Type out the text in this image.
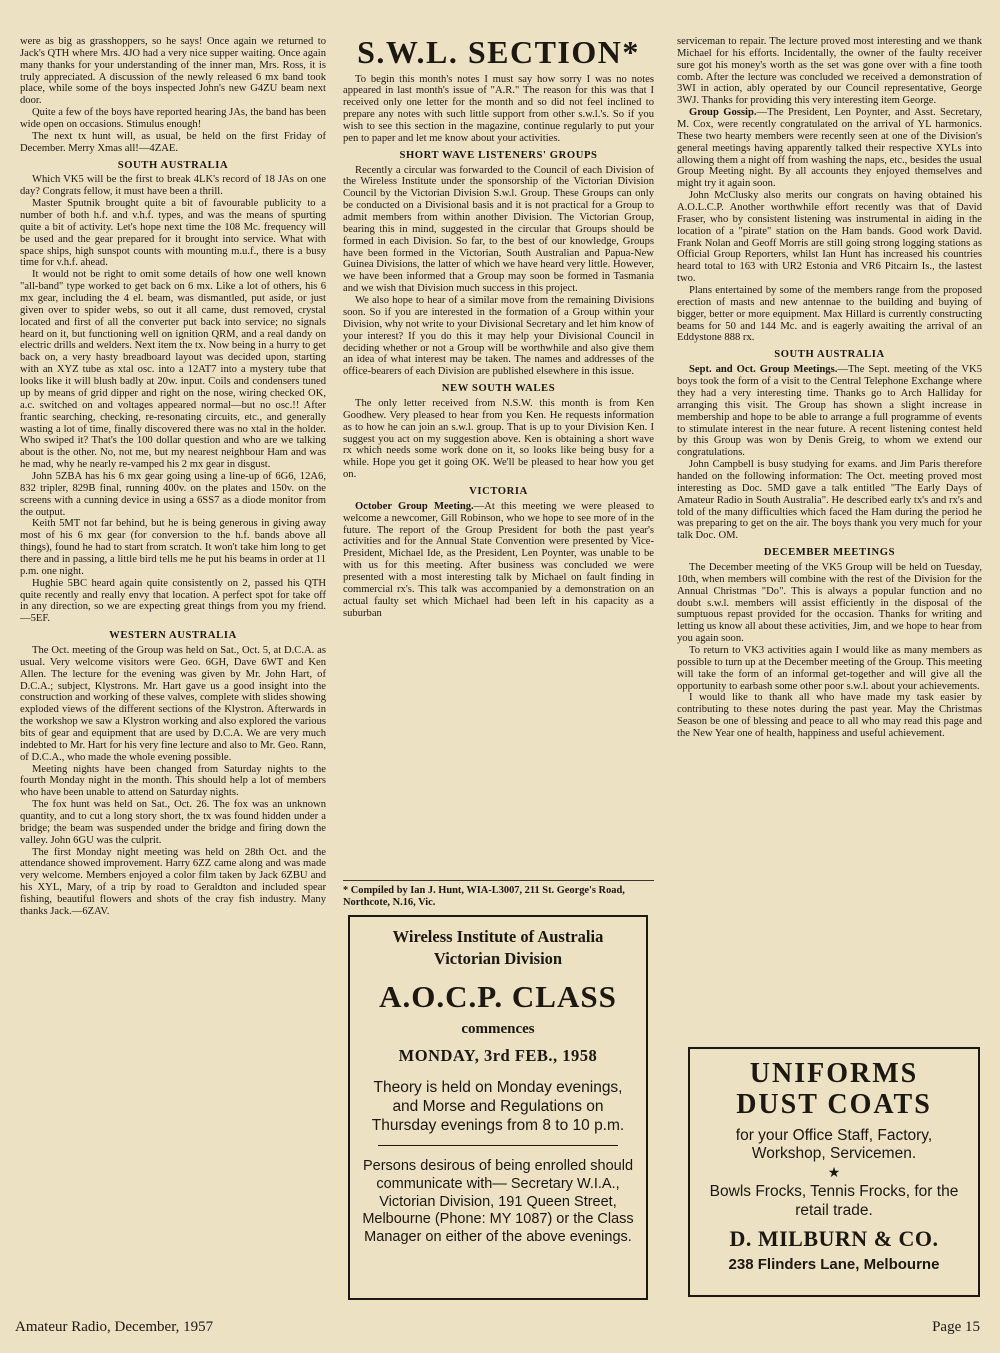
were as big as grasshoppers, so he says! Once again we returned to Jack's QTH where Mrs. 4JO had a very nice supper waiting. Once again many thanks for your understanding of the inner man, Mrs. Ross, it is truly appreciated. A discussion of the newly released 6 mx band took place, while some of the boys inspected John's new G4ZU beam next door.

Quite a few of the boys have reported hearing JAs, the band has been wide open on occasions. Stimulus enough!

The next tx hunt will, as usual, be held on the first Friday of December. Merry Xmas all!—4ZAE.

SOUTH AUSTRALIA

Which VK5 will be the first to break 4LK's record of 18 JAs on one day? Congrats fellow, it must have been a thrill.

Master Sputnik brought quite a bit of favourable publicity to a number of both h.f. and v.h.f. types, and was the means of spurting quite a bit of activity. Let's hope next time the 108 Mc. frequency will be used and the gear prepared for it brought into service. What with space ships, high sunspot counts with mounting m.u.f., there is a busy time for v.h.f. ahead.

It would not be right to omit some details of how one well known "all-band" type worked to get back on 6 mx. Like a lot of others, his 6 mx gear, including the 4 el. beam, was dismantled, put aside, or just given over to spider webs, so out it all came, dust removed, crystal located and first of all the converter put back into service; no signals heard on it, but functioning well on ignition QRM, and a real dandy on electric drills and welders. Next item the tx. Now being in a hurry to get back on, a very hasty breadboard layout was decided upon, starting with an XYZ tube as xtal osc. into a 12AT7 into a mystery tube that looks like it will blush badly at 20w. input. Coils and condensers tuned up by means of grid dipper and right on the nose, wiring checked OK, a.c. switched on and voltages appeared normal—but no osc.!! After frantic searching, checking, re-resonating circuits, etc., and generally wasting a lot of time, finally discovered there was no xtal in the holder. Who swiped it? That's the 100 dollar question and who are we talking about is the other. No, not me, but my nearest neighbour Ham and was he mad, why he nearly re-vamped his 2 mx gear in disgust.

John 5ZBA has his 6 mx gear going using a line-up of 6G6, 12A6, 832 tripler, 829B final, running 400v. on the plates and 150v. on the screens with a cunning device in using a 6SS7 as a diode monitor from the output.

Keith 5MT not far behind, but he is being generous in giving away most of his 6 mx gear (for conversion to the h.f. bands above all things), found he had to start from scratch. It won't take him long to get there and in passing, a little bird tells me he put his beams in order at 11 p.m. one night.

Hughie 5BC heard again quite consistently on 2, passed his QTH quite recently and really envy that location. A perfect spot for take off in any direction, so we are expecting great things from you my friend.—5EF.

WESTERN AUSTRALIA

The Oct. meeting of the Group was held on Sat., Oct. 5, at D.C.A. as usual. Very welcome visitors were Geo. 6GH, Dave 6WT and Ken Allen. The lecture for the evening was given by Mr. John Hart, of D.C.A.; subject, Klystrons. Mr. Hart gave us a good insight into the construction and working of these valves, complete with slides showing exploded views of the different sections of the Klystron. Afterwards in the workshop we saw a Klystron working and also explored the various bits of gear and equipment that are used by D.C.A. We are very much indebted to Mr. Hart for his very fine lecture and also to Mr. Geo. Rann, of D.C.A., who made the whole evening possible.

Meeting nights have been changed from Saturday nights to the fourth Monday night in the month. This should help a lot of members who have been unable to attend on Saturday nights.

The fox hunt was held on Sat., Oct. 26. The fox was an unknown quantity, and to cut a long story short, the tx was found hidden under a bridge; the beam was suspended under the bridge and firing down the valley. John 6GU was the culprit.

The first Monday night meeting was held on 28th Oct. and the attendance showed improvement. Harry 6ZZ came along and was made very welcome. Members enjoyed a color film taken by Jack 6ZBU and his XYL, Mary, of a trip by road to Geraldton and included spear fishing, beautiful flowers and shots of the cray fish industry. Many thanks Jack.—6ZAV.

S.W.L. SECTION*

To begin this month's notes I must say how sorry I was no notes appeared in last month's issue of "A.R." The reason for this was that I received only one letter for the month and so did not feel inclined to prepare any notes with such little support from other s.w.l.'s. So if you wish to see this section in the magazine, continue regularly to put your pen to paper and let me know about your activities.

SHORT WAVE LISTENERS' GROUPS

Recently a circular was forwarded to the Council of each Division of the Wireless Institute under the sponsorship of the Victorian Division Council by the Victorian Division S.w.l. Group. These Groups can only be conducted on a Divisional basis and it is not practical for a Group to admit members from within another Division. The Victorian Group, bearing this in mind, suggested in the circular that Groups should be formed in each Division. So far, to the best of our knowledge, Groups have been formed in the Victorian, South Australian and Papua-New Guinea Divisions, the latter of which we have heard very little. However, we have been informed that a Group may soon be formed in Tasmania and we wish that Division much success in this project.

We also hope to hear of a similar move from the remaining Divisions soon. So if you are interested in the formation of a Group within your Division, why not write to your Divisional Secretary and let him know of your interest? If you do this it may help your Divisional Council in deciding whether or not a Group will be worthwhile and also give them an idea of what interest may be taken. The names and addresses of the office-bearers of each Division are published elsewhere in this issue.

NEW SOUTH WALES

The only letter received from N.S.W. this month is from Ken Goodhew. Very pleased to hear from you Ken. He requests information as to how he can join an s.w.l. group. That is up to your Division Ken. I suggest you act on my suggestion above. Ken is obtaining a short wave rx which needs some work done on it, so looks like being busy for a while. Hope you get it going OK. We'll be pleased to hear how you get on.

VICTORIA

October Group Meeting.—At this meeting we were pleased to welcome a newcomer, Gill Robinson, who we hope to see more of in the future. The report of the Group President for both the past year's activities and for the Annual State Convention were presented by Vice-President, Michael Ide, as the President, Len Poynter, was unable to be with us for this meeting. After business was concluded we were presented with a most interesting talk by Michael on fault finding in commercial rx's. This talk was accompanied by a demonstration on an actual faulty set which Michael had been left in his capacity as a suburban

* Compiled by Ian J. Hunt, WIA-L3007, 211 St. George's Road, Northcote, N.16, Vic.
Wireless Institute of Australia
Victorian Division
A.O.C.P. CLASS
commences
MONDAY, 3rd FEB., 1958
Theory is held on Monday evenings, and Morse and Regulations on Thursday evenings from 8 to 10 p.m.
Persons desirous of being enrolled should communicate with— Secretary W.I.A., Victorian Division, 191 Queen Street, Melbourne (Phone: MY 1087) or the Class Manager on either of the above evenings.

serviceman to repair. The lecture proved most interesting and we thank Michael for his efforts. Incidentally, the owner of the faulty receiver sure got his money's worth as the set was gone over with a fine tooth comb. After the lecture was concluded we received a demonstration of 3WI in action, ably operated by our Council representative, George 3WJ. Thanks for providing this very interesting item George.

Group Gossip.—The President, Len Poynter, and Asst. Secretary, M. Cox, were recently congratulated on the arrival of YL harmonics. These two hearty members were recently seen at one of the Division's general meetings having apparently talked their respective XYLs into allowing them a night off from washing the naps, etc., besides the usual Group Meeting night. By all accounts they enjoyed themselves and might try it again soon.

John McClusky also merits our congrats on having obtained his A.O.L.C.P. Another worthwhile effort recently was that of David Fraser, who by consistent listening was instrumental in aiding in the location of a "pirate" station on the Ham bands. Good work David. Frank Nolan and Geoff Morris are still going strong logging stations as Official Group Reporters, whilst Ian Hunt has increased his countries heard total to 163 with UR2 Estonia and VR6 Pitcairn Is., the lastest two.

Plans entertained by some of the members range from the proposed erection of masts and new antennae to the building and buying of bigger, better or more equipment. Max Hillard is currently constructing beams for 50 and 144 Mc. and is eagerly awaiting the arrival of an Eddystone 888 rx.

SOUTH AUSTRALIA

Sept. and Oct. Group Meetings.—The Sept. meeting of the VK5 boys took the form of a visit to the Central Telephone Exchange where they had a very interesting time. Thanks go to Arch Halliday for arranging this visit. The Group has shown a slight increase in membership and hope to be able to arrange a full programme of events to stimulate interest in the near future. A recent listening contest held by this Group was won by Denis Greig, to whom we extend our congratulations.

John Campbell is busy studying for exams. and Jim Paris therefore handed on the following information: The Oct. meeting proved most interesting as Doc. 5MD gave a talk entitled "The Early Days of Amateur Radio in South Australia". He described early tx's and rx's and told of the many difficulties which faced the Ham during the period he was preparing to get on the air. The boys thank you very much for your talk Doc. OM.

DECEMBER MEETINGS

The December meeting of the VK5 Group will be held on Tuesday, 10th, when members will combine with the rest of the Division for the Annual Christmas "Do". This is always a popular function and no doubt s.w.l. members will assist efficiently in the disposal of the sumptuous repast provided for the occasion. Thanks for writing and letting us know all about these activities, Jim, and we hope to hear from you again soon.

To return to VK3 activities again I would like as many members as possible to turn up at the December meeting of the Group. This meeting will take the form of an informal get-together and will give all the opportunity to earbash some other poor s.w.l. about your achievements.

I would like to thank all who have made my task easier by contributing to these notes during the past year. May the Christmas Season be one of blessing and peace to all who may read this page and the New Year one of health, happiness and useful achievement.

UNIFORMS
DUST COATS
for your Office Staff, Factory, Workshop, Servicemen.
★
Bowls Frocks, Tennis Frocks, for the retail trade.
D. MILBURN & CO.
238 Flinders Lane, Melbourne
Amateur Radio, December, 1957	Page 15
